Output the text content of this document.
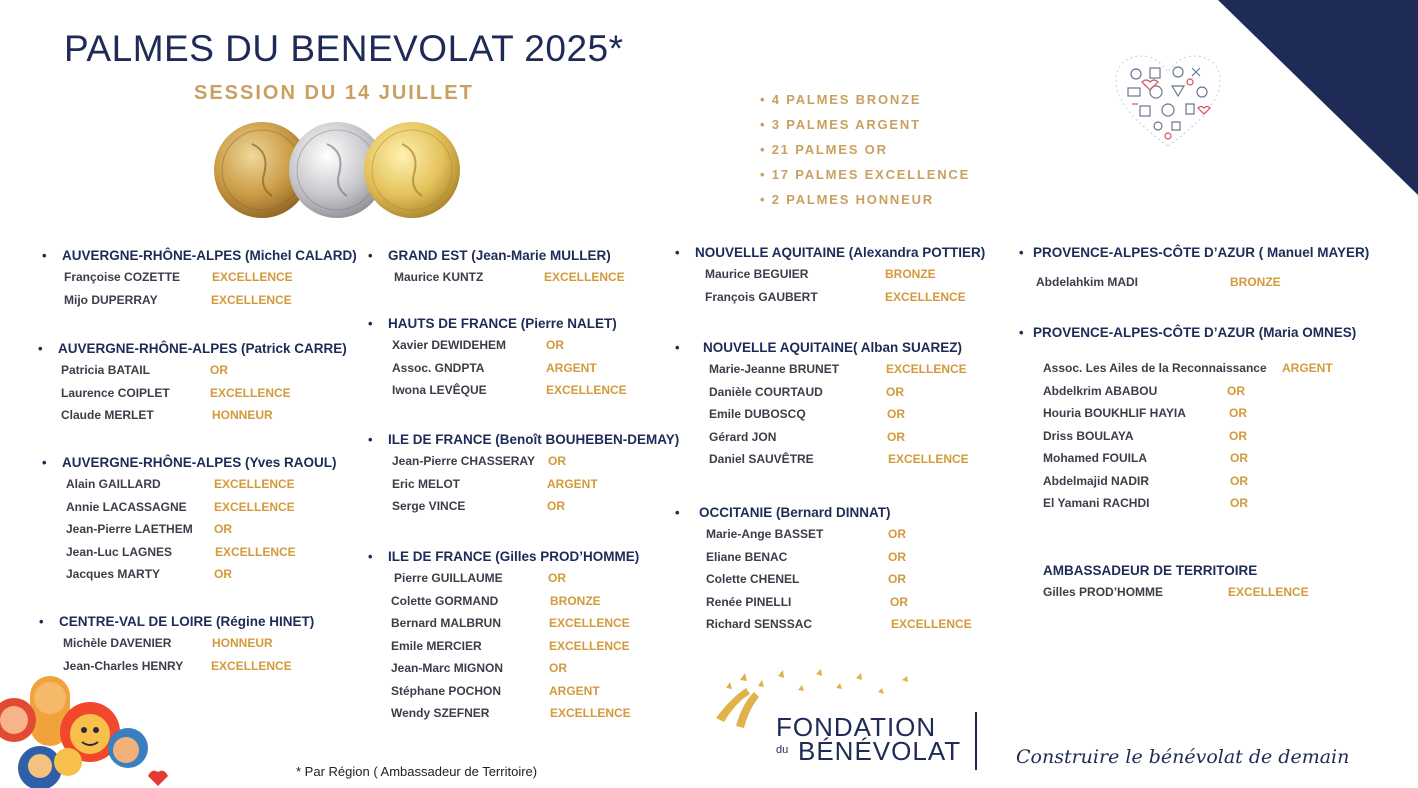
PALMES DU BENEVOLAT 2025*
SESSION DU 14 JUILLET	• 4 PALMES BRONZE
• 3 PALMES ARGENT
• 21 PALMES OR
• 17 PALMES EXCELLENCE
• 2 PALMES HONNEUR
• AUVERGNE-RHÔNE-ALPES (Michel CALARD)
Françoise COZETTE	EXCELLENCE
Mijo DUPERRAY	EXCELLENCE
• AUVERGNE-RHÔNE-ALPES (Patrick CARRE)
Patricia BATAIL	OR
Laurence COIPLET	EXCELLENCE
Claude MERLET	HONNEUR
• AUVERGNE-RHÔNE-ALPES (Yves RAOUL)
Alain GAILLARD	EXCELLENCE
Annie LACASSAGNE EXCELLENCE
Jean-Pierre LAETHEM OR
Jean-Luc LAGNES	EXCELLENCE
Jacques MARTY	OR
• CENTRE-VAL DE LOIRE (Régine HINET)
Michèle DAVENIER	HONNEUR
Jean-Charles HENRY EXCELLENCE
• GRAND EST (Jean-Marie MULLER)
Maurice KUNTZ	EXCELLENCE
• HAUTS DE FRANCE (Pierre NALET)
Xavier DEWIDEHEM	OR
Assoc. GNDPTA	ARGENT
Iwona LEVÊQUE	EXCELLENCE
• ILE DE FRANCE (Benoît BOUHEBEN-DEMAY)
Jean-Pierre CHASSERAY OR
Eric MELOT	ARGENT
Serge VINCE	OR
• ILE DE FRANCE (Gilles PROD’HOMME)
Pierre GUILLAUME	OR
Colette GORMAND	BRONZE
Bernard MALBRUN	EXCELLENCE
Emile MERCIER	EXCELLENCE
Jean-Marc MIGNON	OR
Stéphane POCHON	ARGENT
Wendy SZEFNER	EXCELLENCE
• NOUVELLE AQUITAINE (Alexandra POTTIER)
Maurice BEGUIER	BRONZE
François GAUBERT	EXCELLENCE
• NOUVELLE AQUITAINE( Alban SUAREZ)
Marie-Jeanne BRUNET	EXCELLENCE
Danièle COURTAUD	OR
Emile DUBOSCQ	OR
Gérard JON	OR
Daniel SAUVÊTRE	EXCELLENCE
• OCCITANIE (Bernard DINNAT)
Marie-Ange BASSET	OR
Eliane BENAC	OR
Colette CHENEL	OR
Renée PINELLI	OR
Richard SENSSAC	EXCELLENCE
• PROVENCE-ALPES-CÔTE D’AZUR ( Manuel MAYER)
Abdelahkim MADI	BRONZE
• PROVENCE-ALPES-CÔTE D’AZUR (Maria OMNES)
Assoc. Les Ailes de la Reconnaissance ARGENT
Abdelkrim ABABOU	OR
Houria BOUKHLIF HAYIA	OR
Driss BOULAYA	OR
Mohamed FOUILA	OR
Abdelmajid NADIR	OR
El Yamani RACHDI	OR
AMBASSADEUR DE TERRITOIRE
Gilles PROD’HOMME	EXCELLENCE
* Par Région ( Ambassadeur de Territoire)
FONDATION
du BÉNÉVOLAT	Construire le bénévolat de demain
